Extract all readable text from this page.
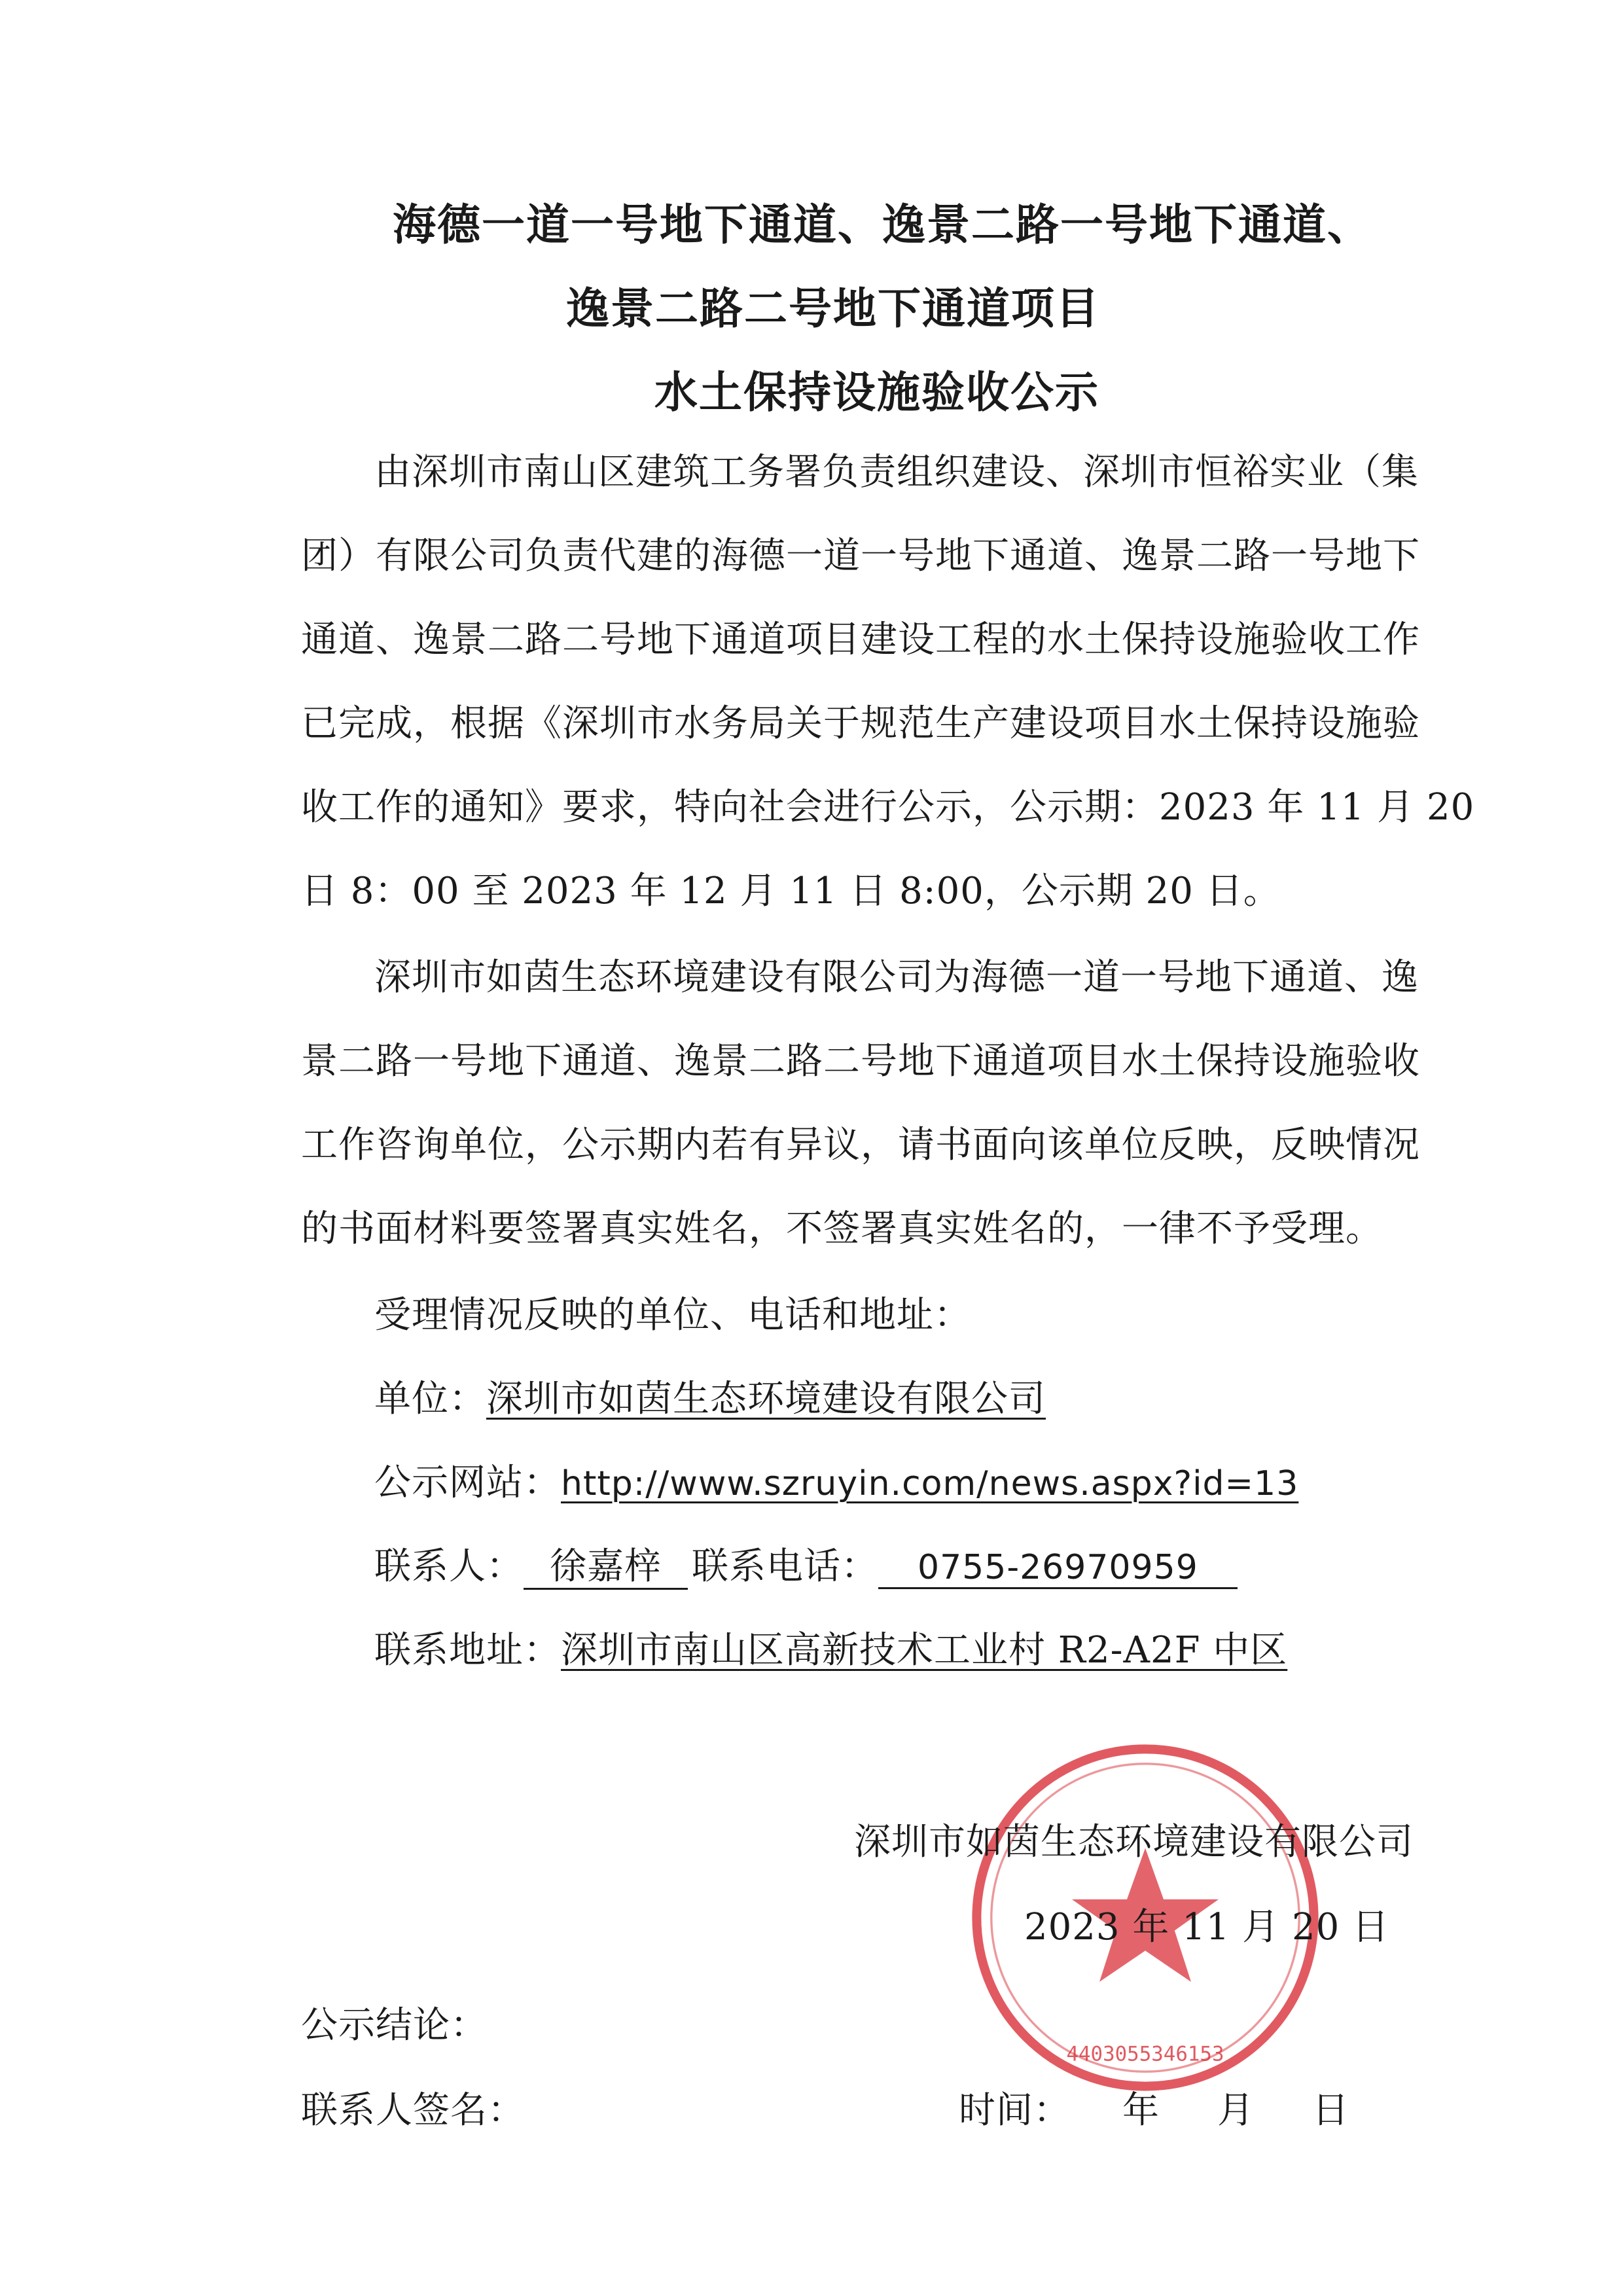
海德一道一号地下通道、逸景二路一号地下通道、
逸景二路二号地下通道项目
水土保持设施验收公示

由深圳市南山区建筑工务署负责组织建设、深圳市恒裕实业（集

团）有限公司负责代建的海德一道一号地下通道、逸景二路一号地下

通道、逸景二路二号地下通道项目建设工程的水土保持设施验收工作

已完成，根据《深圳市水务局关于规范生产建设项目水土保持设施验

收工作的通知》要求，特向社会进行公示，公示期：2023 年 11 月 20

日 8：00 至 2023 年 12 月 11 日 8:00，公示期 20 日。

深圳市如茵生态环境建设有限公司为海德一道一号地下通道、逸

景二路一号地下通道、逸景二路二号地下通道项目水土保持设施验收

工作咨询单位，公示期内若有异议，请书面向该单位反映，反映情况

的书面材料要签署真实姓名，不签署真实姓名的，一律不予受理。

受理情况反映的单位、电话和地址：

单位：深圳市如茵生态环境建设有限公司

公示网站：http://www.szruyin.com/news.aspx?id=13

联系人： 徐嘉梓 联系电话： 0755-26970959

联系地址：深圳市南山区高新技术工业村 R2-A2F 中区

4403055346153

深圳市如茵生态环境建设有限公司

2023 年 11 月 20 日

公示结论：

联系人签名：	时间： 年 月 日
